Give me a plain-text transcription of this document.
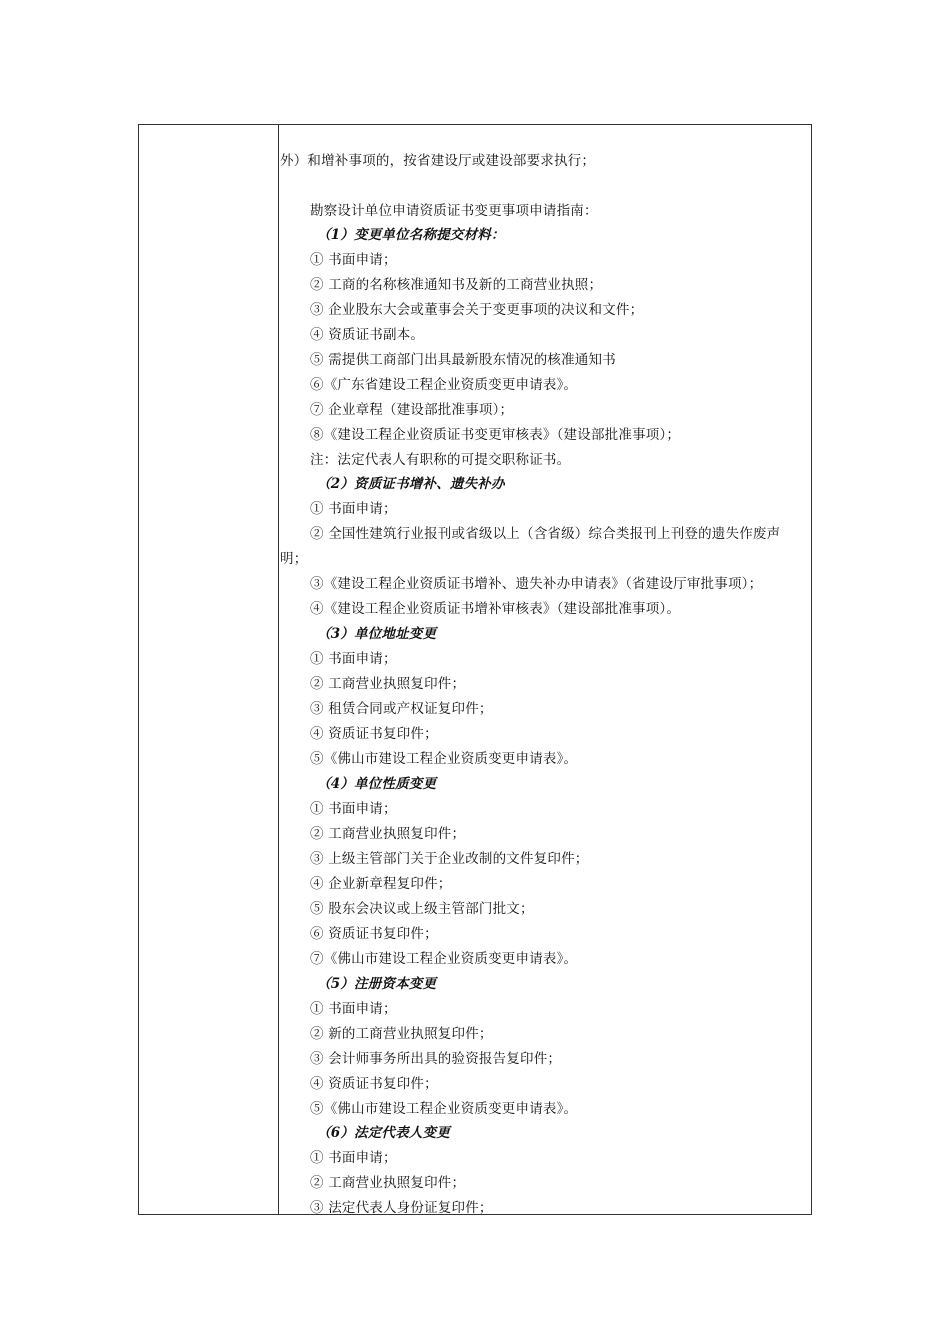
外）和增补事项的，按省建设厅或建设部要求执行；
勘察设计单位申请资质证书变更事项申请指南：
（1）变更单位名称提交材料：
① 书面申请；
② 工商的名称核准通知书及新的工商营业执照；
③ 企业股东大会或董事会关于变更事项的决议和文件；
④ 资质证书副本。
⑤ 需提供工商部门出具最新股东情况的核准通知书
⑥《广东省建设工程企业资质变更申请表》。
⑦ 企业章程（建设部批准事项）；
⑧《建设工程企业资质证书变更审核表》（建设部批准事项）；
注：法定代表人有职称的可提交职称证书。
（2）资质证书增补、遗失补办
① 书面申请；
② 全国性建筑行业报刊或省级以上（含省级）综合类报刊上刊登的遗失作废声
明；
③《建设工程企业资质证书增补、遗失补办申请表》（省建设厅审批事项）；
④《建设工程企业资质证书增补审核表》（建设部批准事项）。
（3）单位地址变更
① 书面申请；
② 工商营业执照复印件；
③ 租赁合同或产权证复印件；
④ 资质证书复印件；
⑤《佛山市建设工程企业资质变更申请表》。
（4）单位性质变更
① 书面申请；
② 工商营业执照复印件；
③ 上级主管部门关于企业改制的文件复印件；
④ 企业新章程复印件；
⑤ 股东会决议或上级主管部门批文；
⑥ 资质证书复印件；
⑦《佛山市建设工程企业资质变更申请表》。
（5）注册资本变更
① 书面申请；
② 新的工商营业执照复印件；
③ 会计师事务所出具的验资报告复印件；
④ 资质证书复印件；
⑤《佛山市建设工程企业资质变更申请表》。
（6）法定代表人变更
① 书面申请；
② 工商营业执照复印件；
③ 法定代表人身份证复印件；
